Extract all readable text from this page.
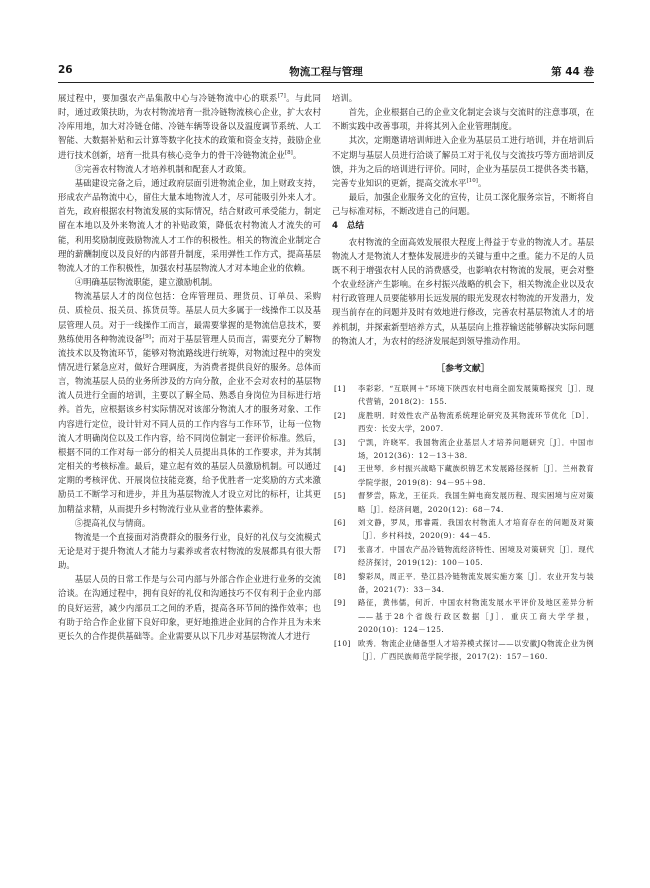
26	物流工程与管理	第 44 卷

展过程中，要加强农产品集散中心与冷链物流中心的联系[7]。与此同时，通过政策扶助，为农村物流培育一批冷链物流核心企业，扩大农村冷库用地，加大对冷链仓储、冷链车辆等设备以及温度调节系统、人工智能、大数据补贴和云计算等数字化技术的政策和资金支持，鼓励企业进行技术创新，培育一批具有核心竞争力的骨干冷链物流企业[8]。

③完善农村物流人才培养机制和配套人才政策。

基础建设完备之后，通过政府层面引进物流企业，加上财政支持，形成农产品物流中心，留住大量本地物流人才，尽可能吸引外来人才。首先，政府根据农村物流发展的实际情况，结合财政可承受能力，制定留在本地以及外来物流人才的补贴政策，降低农村物流人才流失的可能，利用奖励制度鼓励物流人才工作的积极性。相关的物流企业制定合理的薪酬制度以及良好的内部晋升制度，采用弹性工作方式，提高基层物流人才的工作积极性，加强农村基层物流人才对本地企业的依赖。

④明确基层物流职能，建立激励机制。

物流基层人才的岗位包括：仓库管理员、理货员、订单员、采购员、质检员、报关员、拣货员等。基层人员大多属于一线操作工以及基层管理人员。对于一线操作工而言，最需要掌握的是物流信息技术，要熟练使用各种物流设备[9]；而对于基层管理人员而言，需要充分了解物流技术以及物流环节，能够对物流路线进行统筹，对物流过程中的突发情况进行紧急应对，做好合理调度，为消费者提供良好的服务。总体而言，物流基层人员的业务所涉及的方向分散，企业不会对农村的基层物流人员进行全面的培训，主要以了解全局、熟悉自身岗位为目标进行培养。首先，应根据该乡村实际情况对该部分物流人才的服务对象、工作内容进行定位，设计针对不同人员的工作内容与工作环节，让每一位物流人才明确岗位以及工作内容，给不同岗位制定一套评价标准。然后，根据不同的工作对每一部分的相关人员提出具体的工作要求，并为其制定相关的考核标准。最后，建立起有效的基层人员激励机制。可以通过定期的考核评优、开展岗位技能竞赛，给予优胜者一定奖励的方式来激励员工不断学习和进步，并且为基层物流人才设立对比的标杆，让其更加精益求精，从而提升乡村物流行业从业者的整体素养。

⑤提高礼仪与情商。

物流是一个直接面对消费群众的服务行业，良好的礼仪与交流模式无论是对于提升物流人才能力与素养或者农村物流的发展都具有很大帮助。

基层人员的日常工作是与公司内部与外部合作企业进行业务的交流洽谈。在沟通过程中，拥有良好的礼仪和沟通技巧不仅有利于企业内部的良好运营，减少内部员工之间的矛盾，提高各环节间的操作效率；也有助于给合作企业留下良好印象，更好地推进企业间的合作并且为未来更长久的合作提供基础等。企业需要从以下几步对基层物流人才进行

培训。

首先，企业根据自己的企业文化制定会谈与交流时的注意事项，在不断实践中改善事项，并将其列入企业管理制度。

其次，定期邀请培训师进入企业为基层员工进行培训，并在培训后不定期与基层人员进行洽谈了解员工对于礼仪与交流技巧等方面培训反馈，并为之后的培训进行评价。同时，企业为基层员工提供各类书籍，完善专业知识的更新，提高交流水平[10]。

最后，加强企业服务文化的宣传，让员工深化服务宗旨，不断将自己与标准对标，不断改进自己的问题。

4　总结

农村物流的全面高效发展很大程度上得益于专业的物流人才。基层物流人才是物流人才整体发展进步的关键与重中之重。能力不足的人员既不利于增强农村人民的消费感受，也影响农村物流的发展，更会对整个农业经济产生影响。在乡村振兴战略的机会下，相关物流企业以及农村行政管理人员要能够用长远发展的眼光发现农村物流的开发潜力，发现当前存在的问题并及时有效地进行修改，完善农村基层物流人才的培养机制，并探索新型培养方式，从基层向上推荐输送能够解决实际问题的物流人才，为农村的经济发展起到领导推动作用。

［参考文献］
[1] 李彩彩．“互联网＋”环境下陕西农村电商全面发展策略探究［J］．现代营销，2018(2)：155.
[2] 庞胜明．时效性农产品物流系统理论研究及其物流环节优化［D］．西安：长安大学，2007.
[3] 宁凯，许晓军．我国物流企业基层人才培养问题研究［J］．中国市场，2012(36)：12－13＋38.
[4] 王世琴．乡村振兴战略下藏族织锦艺术发展路径探析［J］．兰州教育学院学报，2019(8)：94－95＋98.
[5] 督梦尝，陈龙，王征兵．我国生鲜电商发展历程、现实困境与应对策略［J］．经济问题，2020(12)：68－74.
[6] 刘文静，罗凤，邢睿霞．我国农村物流人才培育存在的问题及对策［J］．乡村科技，2020(9)：44－45.
[7] 张喜才．中国农产品冷链物流经济特性、困境及对策研究［J］．现代经济探讨，2019(12)：100－105.
[8] 黎彩凤，周正平．垫江县冷链物流发展实施方案［J］．农业开发与装备，2021(7)：33－34.
[9] 路征，黄伟儒，何沂．中国农村物流发展水平评价及地区差异分析——基于28个省级行政区数据［J］．重庆工商大学学报，2020(10)：124－125.
[10] 欧秀．物流企业储备型人才培养模式探讨——以安徽JQ物流企业为例［J］．广西民族师范学院学报，2017(2)：157－160.
